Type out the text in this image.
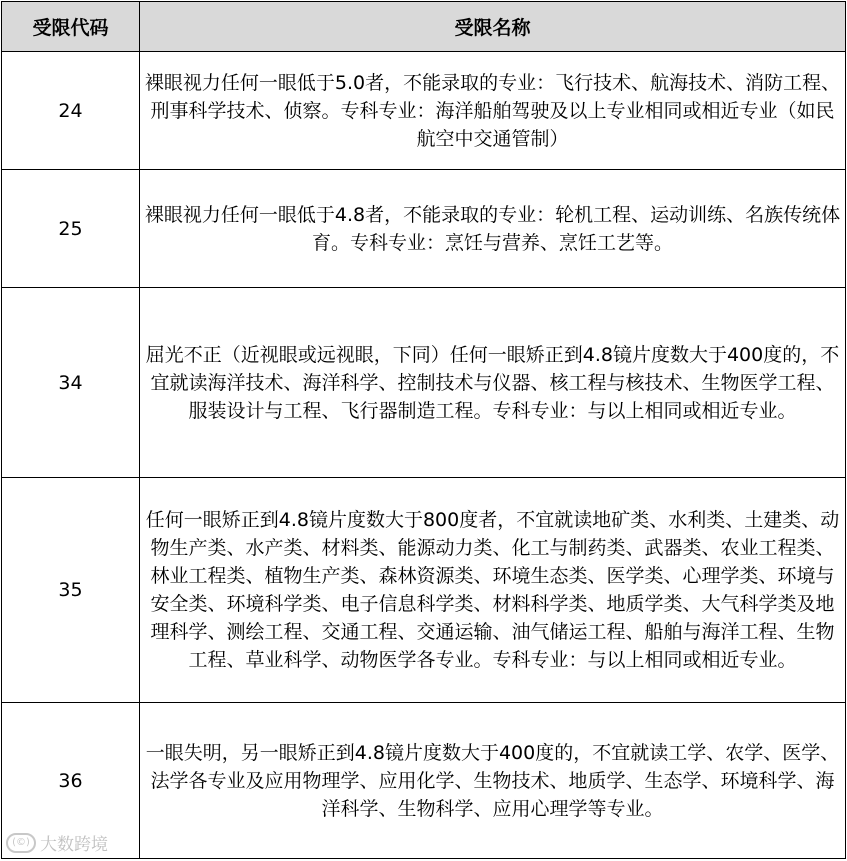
受限代码	受限名称
24	裸眼视力任何一眼低于5.0者，不能录取的专业：飞行技术、航海技术、消防工程、刑事科学技术、侦察。专科专业：海洋船舶驾驶及以上专业相同或相近专业（如民航空中交通管制）
25	裸眼视力任何一眼低于4.8者，不能录取的专业：轮机工程、运动训练、名族传统体育。专科专业：烹饪与营养、烹饪工艺等。
34	屈光不正（近视眼或远视眼，下同）任何一眼矫正到4.8镜片度数大于400度的，不宜就读海洋技术、海洋科学、控制技术与仪器、核工程与核技术、生物医学工程、服装设计与工程、飞行器制造工程。专科专业：与以上相同或相近专业。
35	任何一眼矫正到4.8镜片度数大于800度者，不宜就读地矿类、水利类、土建类、动物生产类、水产类、材料类、能源动力类、化工与制药类、武器类、农业工程类、林业工程类、植物生产类、森林资源类、环境生态类、医学类、心理学类、环境与安全类、环境科学类、电子信息科学类、材料科学类、地质学类、大气科学类及地理科学、测绘工程、交通工程、交通运输、油气储运工程、船舶与海洋工程、生物工程、草业科学、动物医学各专业。专科专业：与以上相同或相近专业。
36	一眼失明，另一眼矫正到4.8镜片度数大于400度的，不宜就读工学、农学、医学、法学各专业及应用物理学、应用化学、生物技术、地质学、生态学、环境科学、海洋科学、生物科学、应用心理学等专业。
(©) 大数跨境
